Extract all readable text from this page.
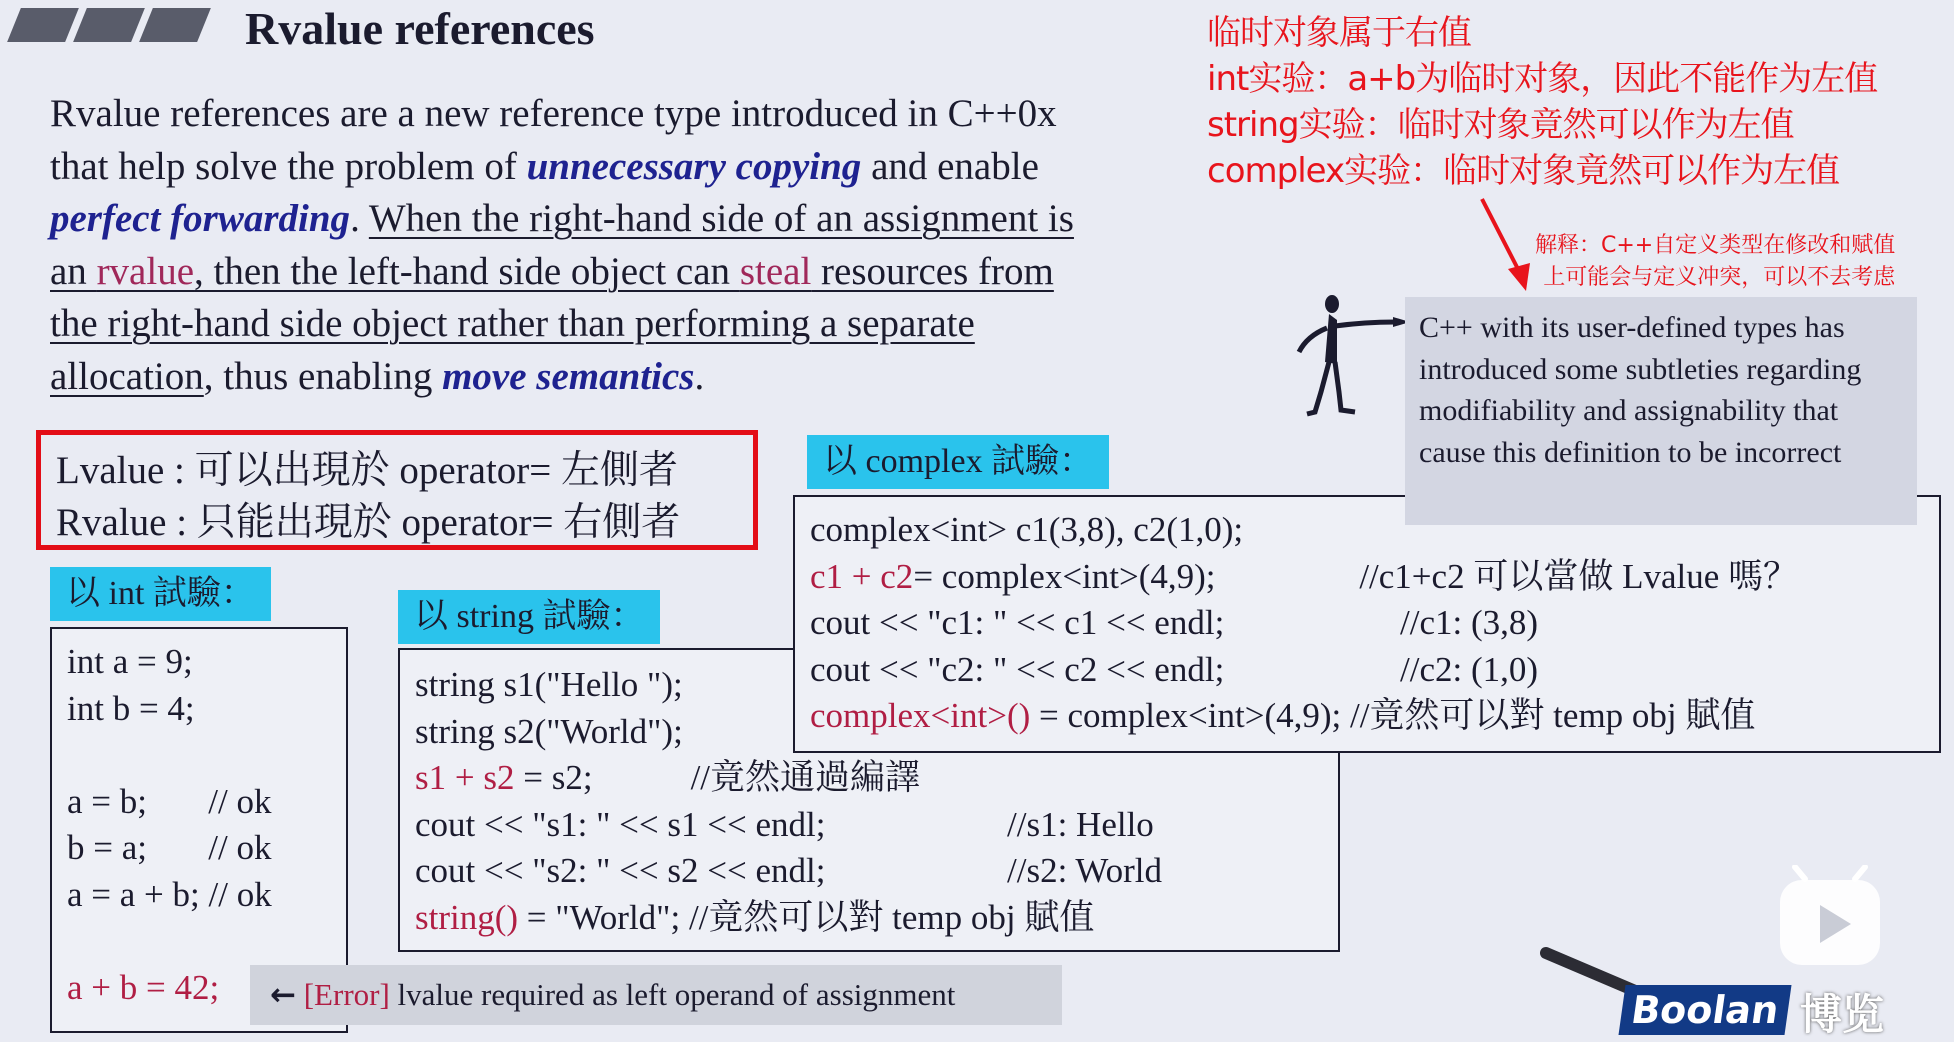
Rvalue references
Rvalue references are a new reference type introduced in C++0x
that help solve the problem of unnecessary copying and enable
perfect forwarding. When the right-hand side of an assignment is
an rvalue, then the left-hand side object can steal resources from
the right-hand side object rather than performing a separate
allocation, thus enabling move semantics.
临时对象属于右值
int实验：a+b为临时对象，因此不能作为左值
string实验：临时对象竟然可以作为左值
complex实验：临时对象竟然可以作为左值
解释：C++自定义类型在修改和赋值
上可能会与定义冲突，可以不去考虑
Lvalue : 可以出現於 operator= 左側者
Rvalue : 只能出現於 operator= 右側者
以 int 試驗：
int a = 9;
int b = 4;
a = b;       // ok
b = a;       // ok
a = a + b; // ok
a + b = 42;
以 string 試驗：
string s1("Hello ");
string s2("World");
s1 + s2 = s2;	//竟然通過編譯
cout << "s1: " << s1 << endl;	//s1: Hello
cout << "s2: " << s2 << endl;	//s2: World
string() = "World"; //竟然可以對 temp obj 賦值
complex<int> c1(3,8), c2(1,0);
c1 + c2= complex<int>(4,9);	//c1+c2 可以當做 Lvalue 嗎？
cout << "c1: " << c1 << endl;	//c1: (3,8)
cout << "c2: " << c2 << endl;	//c2: (1,0)
complex<int>() = complex<int>(4,9); //竟然可以對 temp obj 賦值
以 complex 試驗：
C++ with its user-defined types has introduced some subtleties regarding modifiability and assignability that cause this definition to be incorrect
← [Error] lvalue required as left operand of assignment	Boolan 博览
